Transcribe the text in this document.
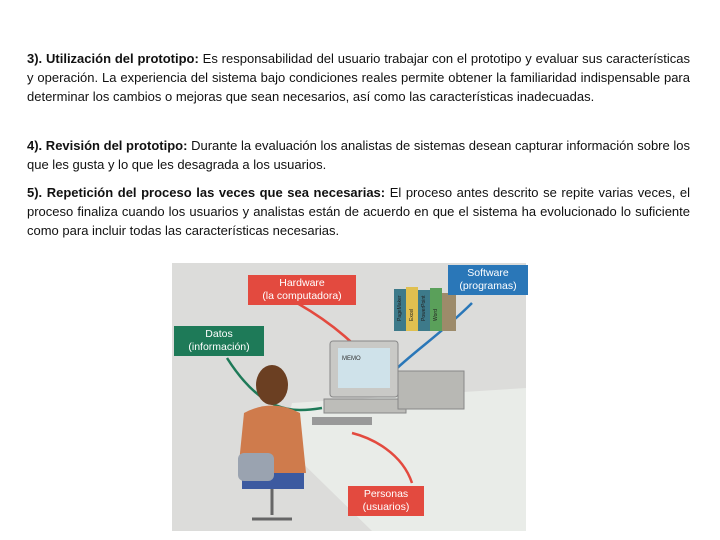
3). Utilización del prototipo: Es responsabilidad del usuario trabajar con el prototipo y evaluar sus características y operación. La experiencia del sistema bajo condiciones reales permite obtener la familiaridad indispensable para determinar los cambios o mejoras que sean necesarios, así como las características inadecuadas.

4). Revisión del prototipo: Durante la evaluación los analistas de sistemas desean capturar información sobre los que les gusta y lo que les desagrada a los usuarios.

5). Repetición del proceso las veces que sea necesarias: El proceso antes descrito se repite varias veces, el proceso finaliza cuando los usuarios y analistas están de acuerdo en que el sistema ha evolucionado lo suficiente como para incluir todas las características necesarias.

PageMaker Excel PowerPoint Word
MEMO
Hardware
(la computadora)
Software
(programas)
Datos
(información)
Personas
(usuarios)
